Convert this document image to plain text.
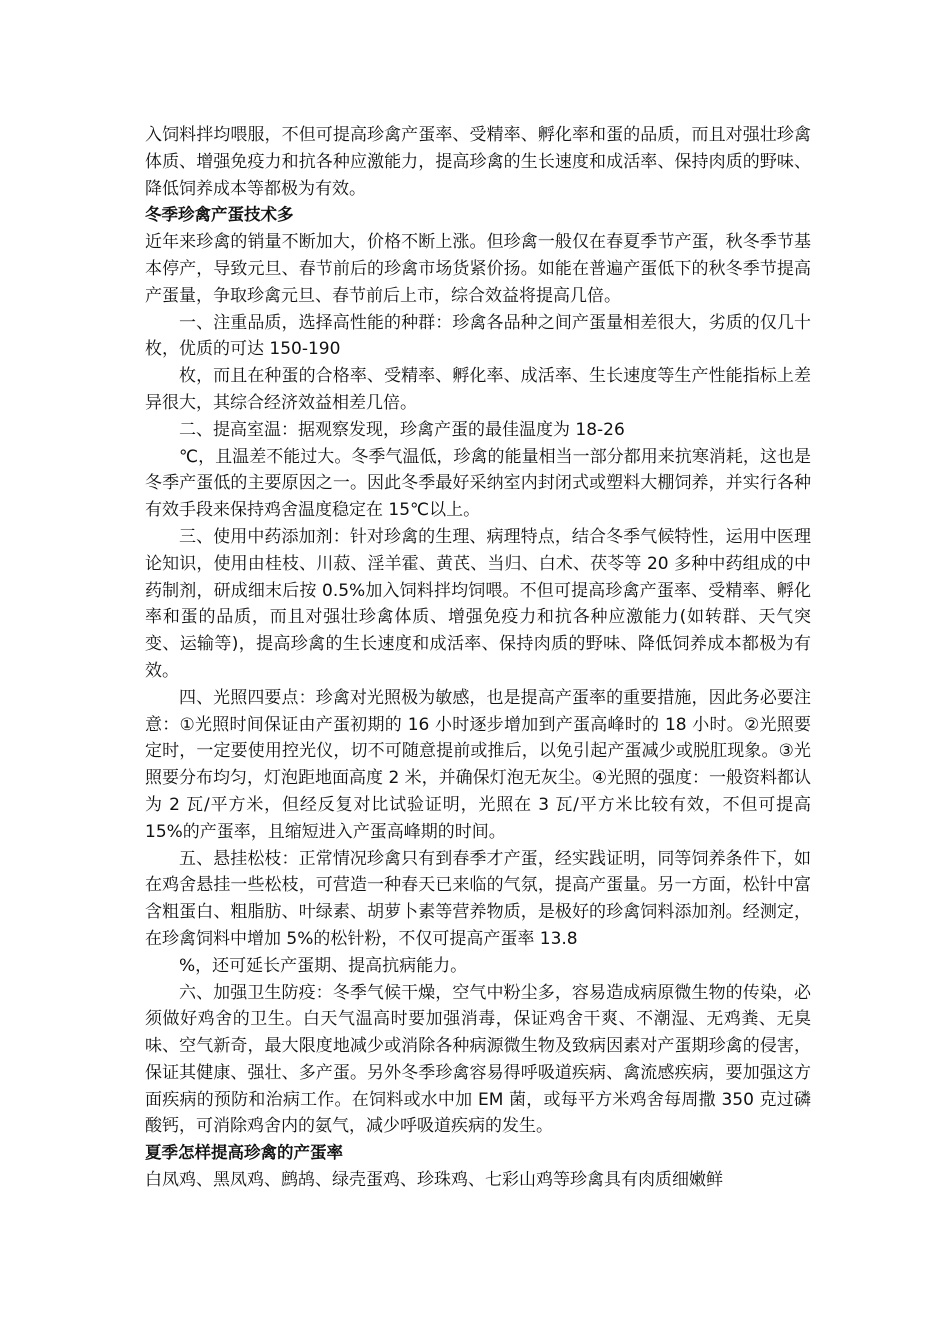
入饲料拌均喂服，不但可提高珍禽产蛋率、受精率、孵化率和蛋的品质，而且对强壮珍禽体质、增强免疫力和抗各种应激能力，提高珍禽的生长速度和成活率、保持肉质的野味、降低饲养成本等都极为有效。

冬季珍禽产蛋技术多

近年来珍禽的销量不断加大，价格不断上涨。但珍禽一般仅在春夏季节产蛋，秋冬季节基本停产，导致元旦、春节前后的珍禽市场货紧价扬。如能在普遍产蛋低下的秋冬季节提高产蛋量，争取珍禽元旦、春节前后上市，综合效益将提高几倍。

一、注重品质，选择高性能的种群：珍禽各品种之间产蛋量相差很大，劣质的仅几十枚，优质的可达 150-190

枚，而且在种蛋的合格率、受精率、孵化率、成活率、生长速度等生产性能指标上差异很大，其综合经济效益相差几倍。

二、提高室温：据观察发现，珍禽产蛋的最佳温度为 18-26

℃，且温差不能过大。冬季气温低，珍禽的能量相当一部分都用来抗寒消耗，这也是冬季产蛋低的主要原因之一。因此冬季最好采纳室内封闭式或塑料大棚饲养，并实行各种有效手段来保持鸡舍温度稳定在 15℃以上。

三、使用中药添加剂：针对珍禽的生理、病理特点，结合冬季气候特性，运用中医理论知识，使用由桂枝、川菽、淫羊霍、黄芪、当归、白术、茯苓等 20 多种中药组成的中药制剂，研成细末后按 0.5%加入饲料拌均饲喂。不但可提高珍禽产蛋率、受精率、孵化率和蛋的品质，而且对强壮珍禽体质、增强免疫力和抗各种应激能力(如转群、天气突变、运输等)，提高珍禽的生长速度和成活率、保持肉质的野味、降低饲养成本都极为有效。

四、光照四要点：珍禽对光照极为敏感，也是提高产蛋率的重要措施，因此务必要注意：①光照时间保证由产蛋初期的 16 小时逐步增加到产蛋高峰时的 18 小时。②光照要定时，一定要使用控光仪，切不可随意提前或推后，以免引起产蛋减少或脱肛现象。③光照要分布均匀，灯泡距地面高度 2 米，并确保灯泡无灰尘。④光照的强度：一般资料都认为 2 瓦/平方米，但经反复对比试验证明，光照在 3 瓦/平方米比较有效，不但可提高 15%的产蛋率，且缩短进入产蛋高峰期的时间。

五、悬挂松枝：正常情况珍禽只有到春季才产蛋，经实践证明，同等饲养条件下，如在鸡舍悬挂一些松枝，可营造一种春天已来临的气氛，提高产蛋量。另一方面，松针中富含粗蛋白、粗脂肪、叶绿素、胡萝卜素等营养物质，是极好的珍禽饲料添加剂。经测定，在珍禽饲料中增加 5%的松针粉，不仅可提高产蛋率 13.8

%，还可延长产蛋期、提高抗病能力。

六、加强卫生防疫：冬季气候干燥，空气中粉尘多，容易造成病原微生物的传染，必须做好鸡舍的卫生。白天气温高时要加强消毒，保证鸡舍干爽、不潮湿、无鸡粪、无臭味、空气新奇，最大限度地减少或消除各种病源微生物及致病因素对产蛋期珍禽的侵害，保证其健康、强壮、多产蛋。另外冬季珍禽容易得呼吸道疾病、禽流感疾病，要加强这方面疾病的预防和治病工作。在饲料或水中加 EM 菌，或每平方米鸡舍每周撒 350 克过磷酸钙，可消除鸡舍内的氨气，减少呼吸道疾病的发生。

夏季怎样提高珍禽的产蛋率

白凤鸡、黑凤鸡、鹧鸪、绿壳蛋鸡、珍珠鸡、七彩山鸡等珍禽具有肉质细嫩鲜
